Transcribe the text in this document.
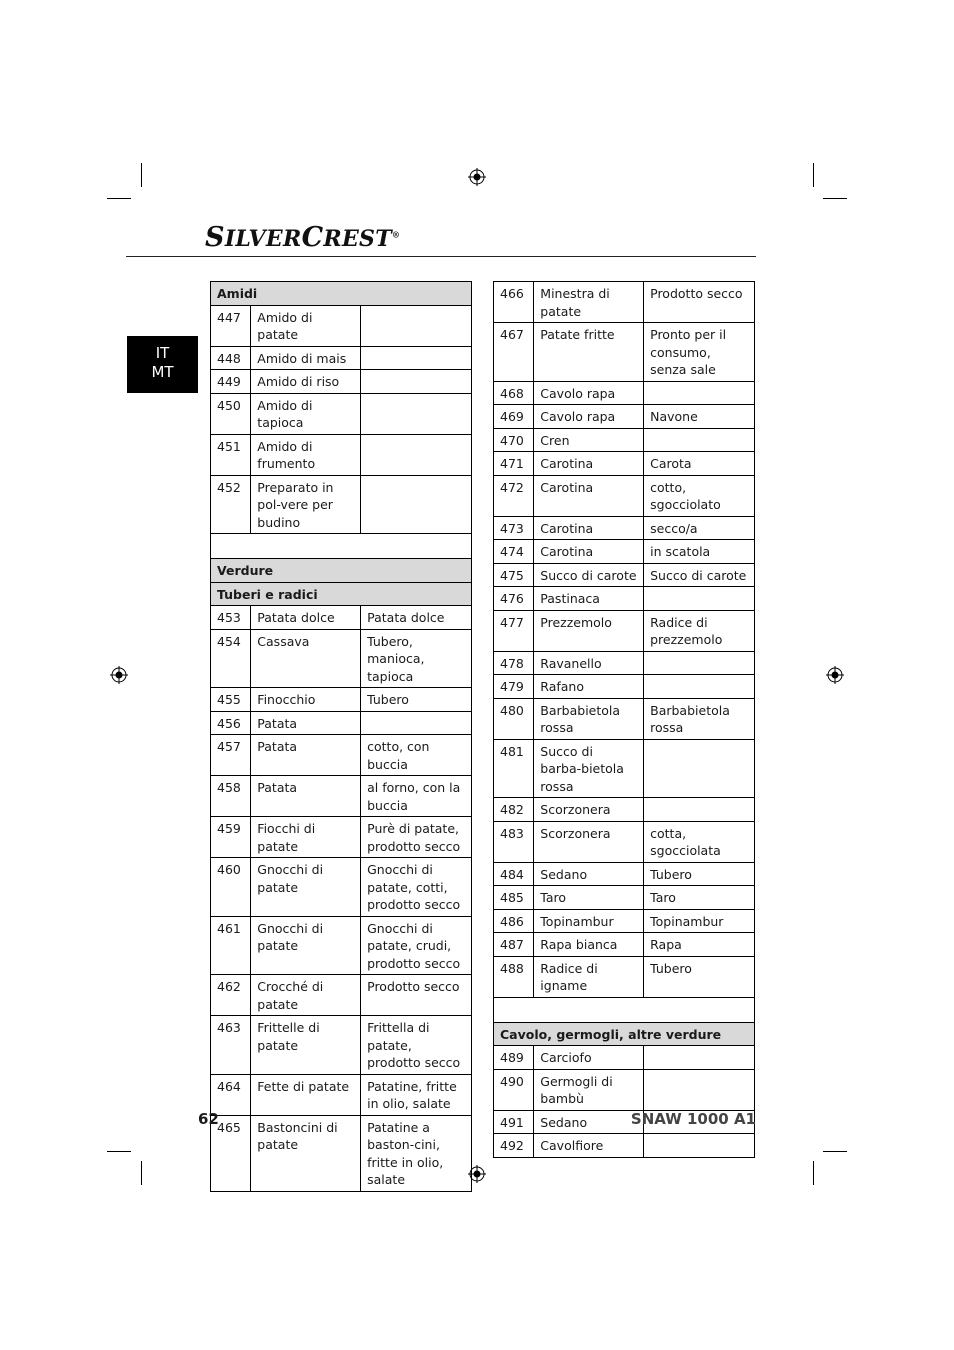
SILVERCREST®
IT
MT
Amidi		
447	Amido di patate	
448	Amido di mais	
449	Amido di riso	
450	Amido di tapioca	
451	Amido di frumento	
452	Preparato in pol-vere per budino	

Verdure		
Tuberi e radici		
453	Patata dolce	Patata dolce
454	Cassava	Tubero, manioca, tapioca
455	Finocchio	Tubero
456	Patata	
457	Patata	cotto, con buccia
458	Patata	al forno, con la buccia
459	Fiocchi di patate	Purè di patate, prodotto secco
460	Gnocchi di patate	Gnocchi di patate, cotti, prodotto secco
461	Gnocchi di patate	Gnocchi di patate, crudi, prodotto secco
462	Crocché di patate	Prodotto secco
463	Frittelle di patate	Frittella di patate, prodotto secco
464	Fette di patate	Patatine, fritte in olio, salate
465	Bastoncini di patate	Patatine a baston-cini, fritte in olio, salate
466	Minestra di patate	Prodotto secco
467	Patate fritte	Pronto per il consumo, senza sale
468	Cavolo rapa	
469	Cavolo rapa	Navone
470	Cren	
471	Carotina	Carota
472	Carotina	cotto, sgocciolato
473	Carotina	secco/a
474	Carotina	in scatola
475	Succo di carote	Succo di carote
476	Pastinaca	
477	Prezzemolo	Radice di prezzemolo
478	Ravanello	
479	Rafano	
480	Barbabietola rossa	Barbabietola rossa
481	Succo di barba-bietola rossa	
482	Scorzonera	
483	Scorzonera	cotta, sgocciolata
484	Sedano	Tubero
485	Taro	Taro
486	Topinambur	Topinambur
487	Rapa bianca	Rapa
488	Radice di igname	Tubero

Cavolo, germogli, altre verdure		
489	Carciofo	
490	Germogli di bambù	
491	Sedano	
492	Cavolfiore	
62	SNAW 1000 A1
